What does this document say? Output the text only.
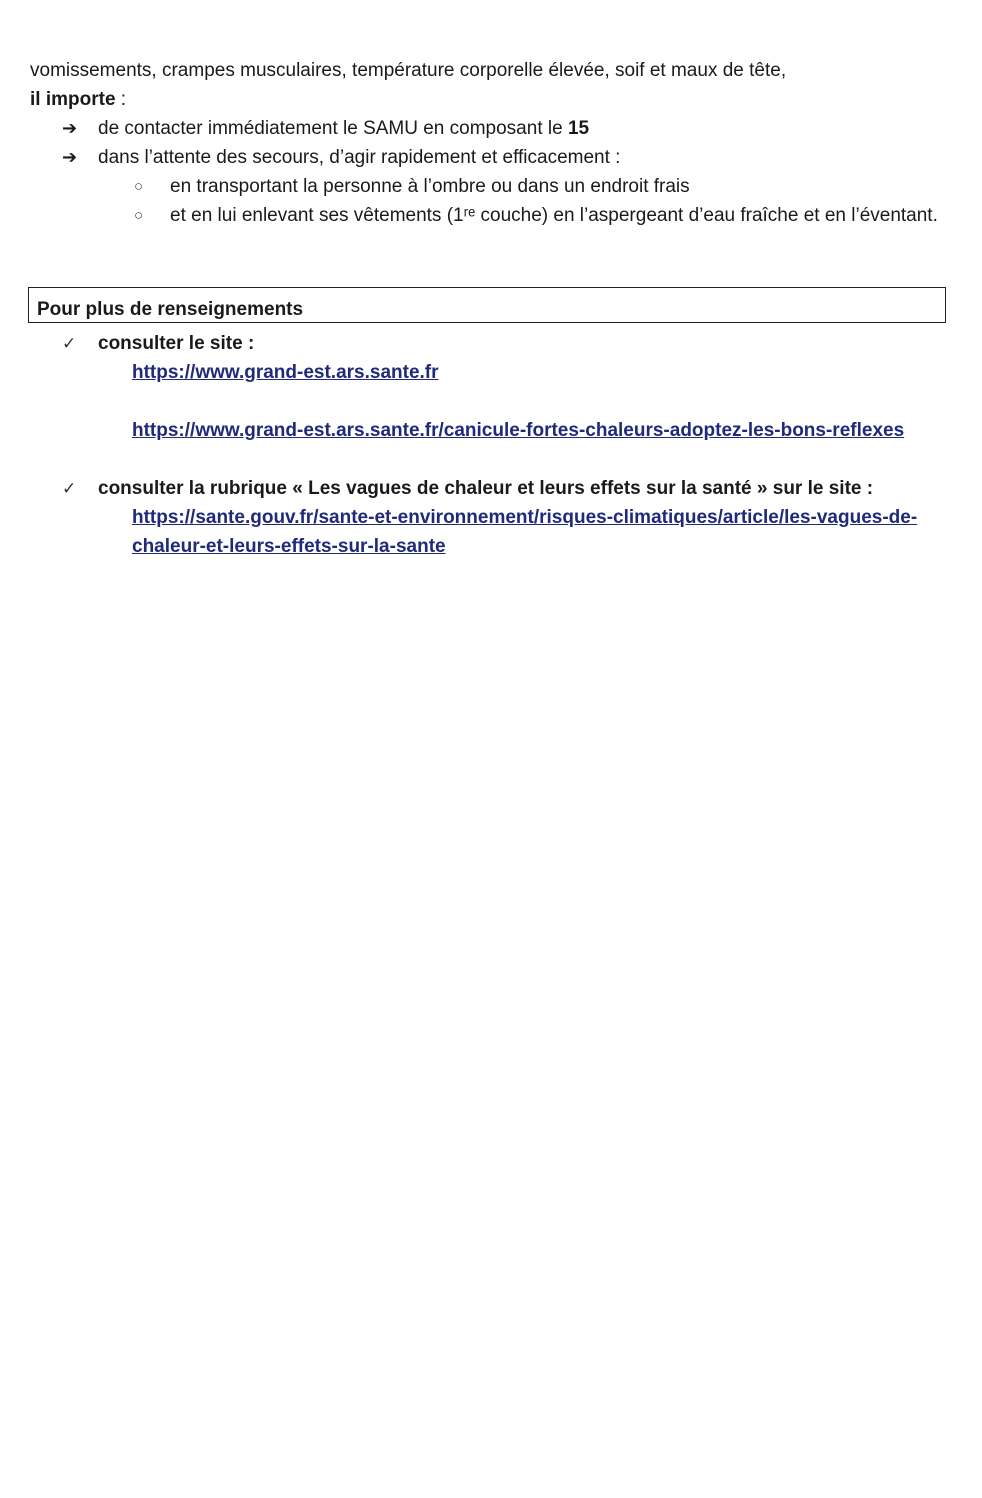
vomissements, crampes musculaires, température corporelle élevée, soif et maux de tête,
il importe :

➔ de contacter immédiatement le SAMU en composant le 15
➔ dans l’attente des secours, d’agir rapidement et efficacement :
○ en transportant la personne à l’ombre ou dans un endroit frais
○ et en lui enlevant ses vêtements (1ʳᵉ couche) en l’aspergeant d’eau fraîche et en l’éventant.
Pour plus de renseignements
✓ consulter le site :
https://www.grand-est.ars.sante.fr
https://www.grand-est.ars.sante.fr/canicule-fortes-chaleurs-adoptez-les-bons-reflexes
✓ consulter la rubrique « Les vagues de chaleur et leurs effets sur la santé » sur le site :
https://sante.gouv.fr/sante-et-environnement/risques-climatiques/article/les-vagues-de-chaleur-et-leurs-effets-sur-la-sante
